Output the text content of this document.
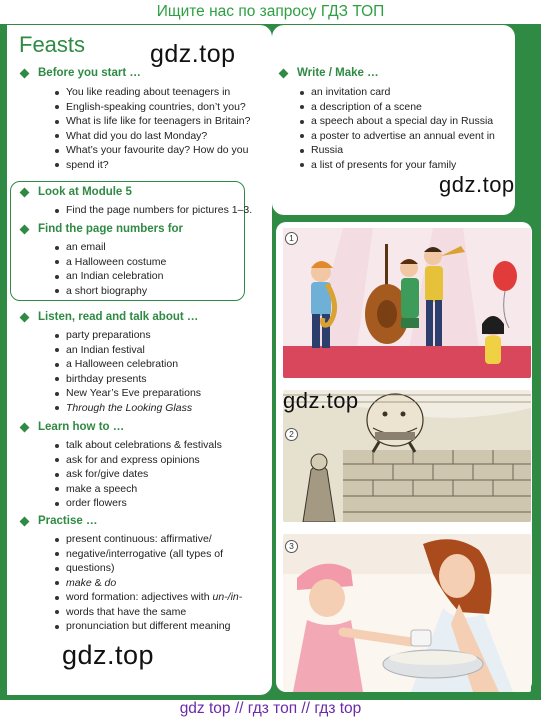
Ищите нас по запросу ГДЗ ТОП
Feasts
Before you start …
You like reading about teenagers in
English-speaking countries, don’t you?
What is life like for teenagers in Britain?
What did you do last Monday?
What’s your favourite day? How do you
spend it?
Write / Make …
an invitation card
a description of a scene
a speech about a special day in Russia
a poster to advertise an annual event in
Russia
a list of presents for your family
Look at Module 5
Find the page numbers for pictures 1–3.
Find the page numbers for
an email
a Halloween costume
an Indian celebration
a short biography
Listen, read and talk about …
party preparations
an Indian festival
a Halloween celebration
birthday presents
New Year’s Eve preparations
Through the Looking Glass
Learn how to …
talk about celebrations & festivals
ask for and express opinions
ask for/give dates
make a speech
order flowers
Practise …
present continuous: affirmative/
negative/interrogative (all types of
questions)
make & do
word formation: adjectives with un-/in-
words that have the same
pronunciation but different meaning
1
2
3
gdz.top
gdz.top
gdz.top
gdz.top
gdz top // гдз топ // гдз top
